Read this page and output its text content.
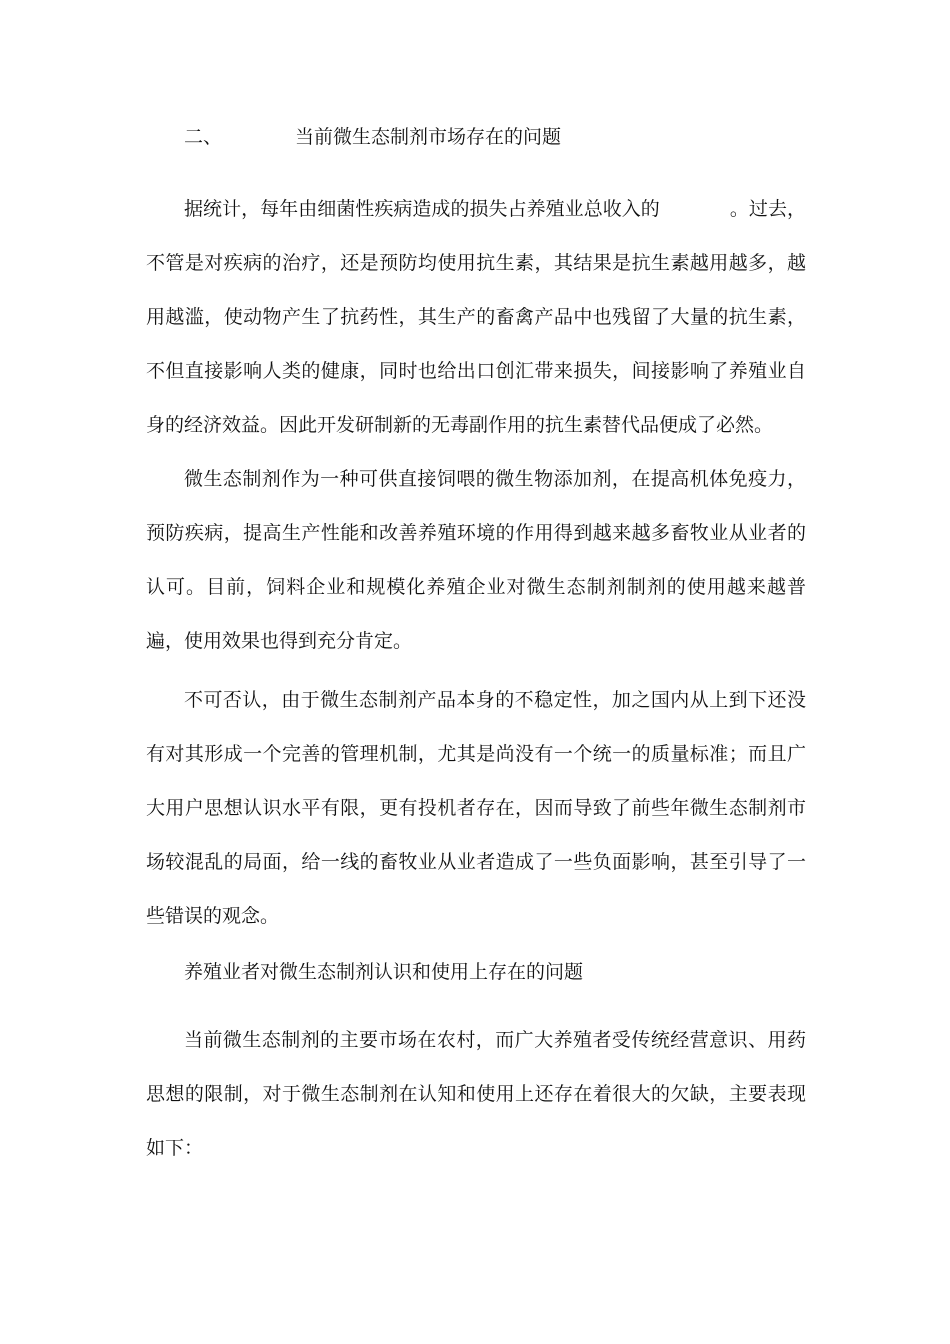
二、	当前微生态制剂市场存在的问题

据统计，每年由细菌性疾病造成的损失占养殖业总收入的	。过去，不管是对疾病的治疗，还是预防均使用抗生素，其结果是抗生素越用越多，越用越滥，使动物产生了抗药性，其生产的畜禽产品中也残留了大量的抗生素，不但直接影响人类的健康，同时也给出口创汇带来损失，间接影响了养殖业自身的经济效益。因此开发研制新的无毒副作用的抗生素替代品便成了必然。

微生态制剂作为一种可供直接饲喂的微生物添加剂，在提高机体免疫力，预防疾病，提高生产性能和改善养殖环境的作用得到越来越多畜牧业从业者的认可。目前，饲料企业和规模化养殖企业对微生态制剂制剂的使用越来越普遍，使用效果也得到充分肯定。

不可否认，由于微生态制剂产品本身的不稳定性，加之国内从上到下还没有对其形成一个完善的管理机制，尤其是尚没有一个统一的质量标准；而且广大用户思想认识水平有限，更有投机者存在，因而导致了前些年微生态制剂市场较混乱的局面，给一线的畜牧业从业者造成了一些负面影响，甚至引导了一些错误的观念。

养殖业者对微生态制剂认识和使用上存在的问题

当前微生态制剂的主要市场在农村，而广大养殖者受传统经营意识、用药思想的限制，对于微生态制剂在认知和使用上还存在着很大的欠缺，主要表现如下：
